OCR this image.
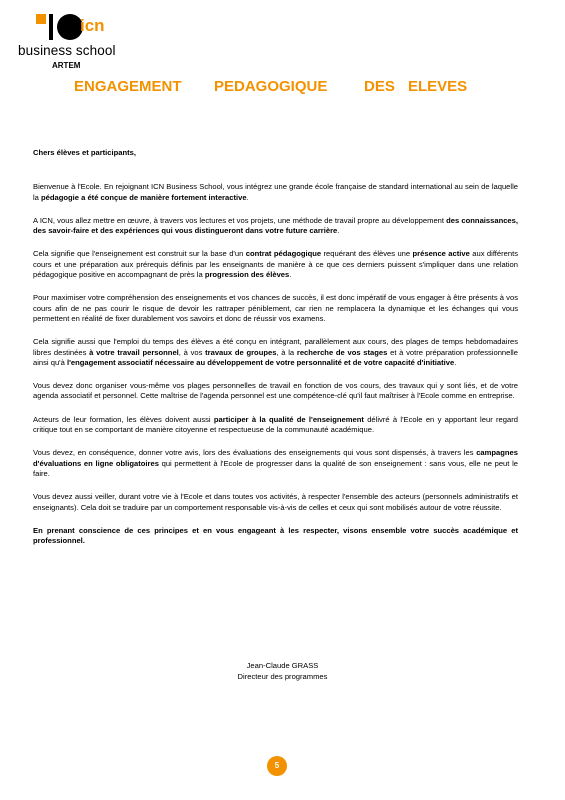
icn
business school
ARTEM
ENGAGEMENT PEDAGOGIQUE DES ELEVES

Chers élèves et participants,

Bienvenue à l'Ecole. En rejoignant ICN Business School, vous intégrez une grande école française de standard international au sein de laquelle la pédagogie a été conçue de manière fortement interactive.

A ICN, vous allez mettre en œuvre, à travers vos lectures et vos projets, une méthode de travail propre au développement des connaissances, des savoir-faire et des expériences qui vous distingueront dans votre future carrière.

Cela signifie que l'enseignement est construit sur la base d'un contrat pédagogique requérant des élèves une présence active aux différents cours et une préparation aux prérequis définis par les enseignants de manière à ce que ces derniers puissent s'impliquer dans une relation pédagogique positive en accompagnant de près la progression des élèves.

Pour maximiser votre compréhension des enseignements et vos chances de succès, il est donc impératif de vous engager à être présents à vos cours afin de ne pas courir le risque de devoir les rattraper péniblement, car rien ne remplacera la dynamique et les échanges qui vous permettent en réalité de fixer durablement vos savoirs et donc de réussir vos examens.

Cela signifie aussi que l'emploi du temps des élèves a été conçu en intégrant, parallèlement aux cours, des plages de temps hebdomadaires libres destinées à votre travail personnel, à vos travaux de groupes, à la recherche de vos stages et à votre préparation professionnelle ainsi qu'à l'engagement associatif nécessaire au développement de votre personnalité et de votre capacité d'initiative.

Vous devez donc organiser vous-même vos plages personnelles de travail en fonction de vos cours, des travaux qui y sont liés, et de votre agenda associatif et personnel. Cette maîtrise de l'agenda personnel est une compétence-clé qu'il faut maîtriser à l'Ecole comme en entreprise.

Acteurs de leur formation, les élèves doivent aussi participer à la qualité de l'enseignement délivré à l'Ecole en y apportant leur regard critique tout en se comportant de manière citoyenne et respectueuse de la communauté académique.

Vous devez, en conséquence, donner votre avis, lors des évaluations des enseignements qui vous sont dispensés, à travers les campagnes d'évaluations en ligne obligatoires qui permettent à l'Ecole de progresser dans la qualité de son enseignement : sans vous, elle ne peut le faire.

Vous devez aussi veiller, durant votre vie à l'Ecole et dans toutes vos activités, à respecter l'ensemble des acteurs (personnels administratifs et enseignants). Cela doit se traduire par un comportement responsable vis-à-vis de celles et ceux qui sont mobilisés autour de votre réussite.

En prenant conscience de ces principes et en vous engageant à les respecter, visons ensemble votre succès académique et professionnel.

Jean-Claude GRASS
Directeur des programmes
5
